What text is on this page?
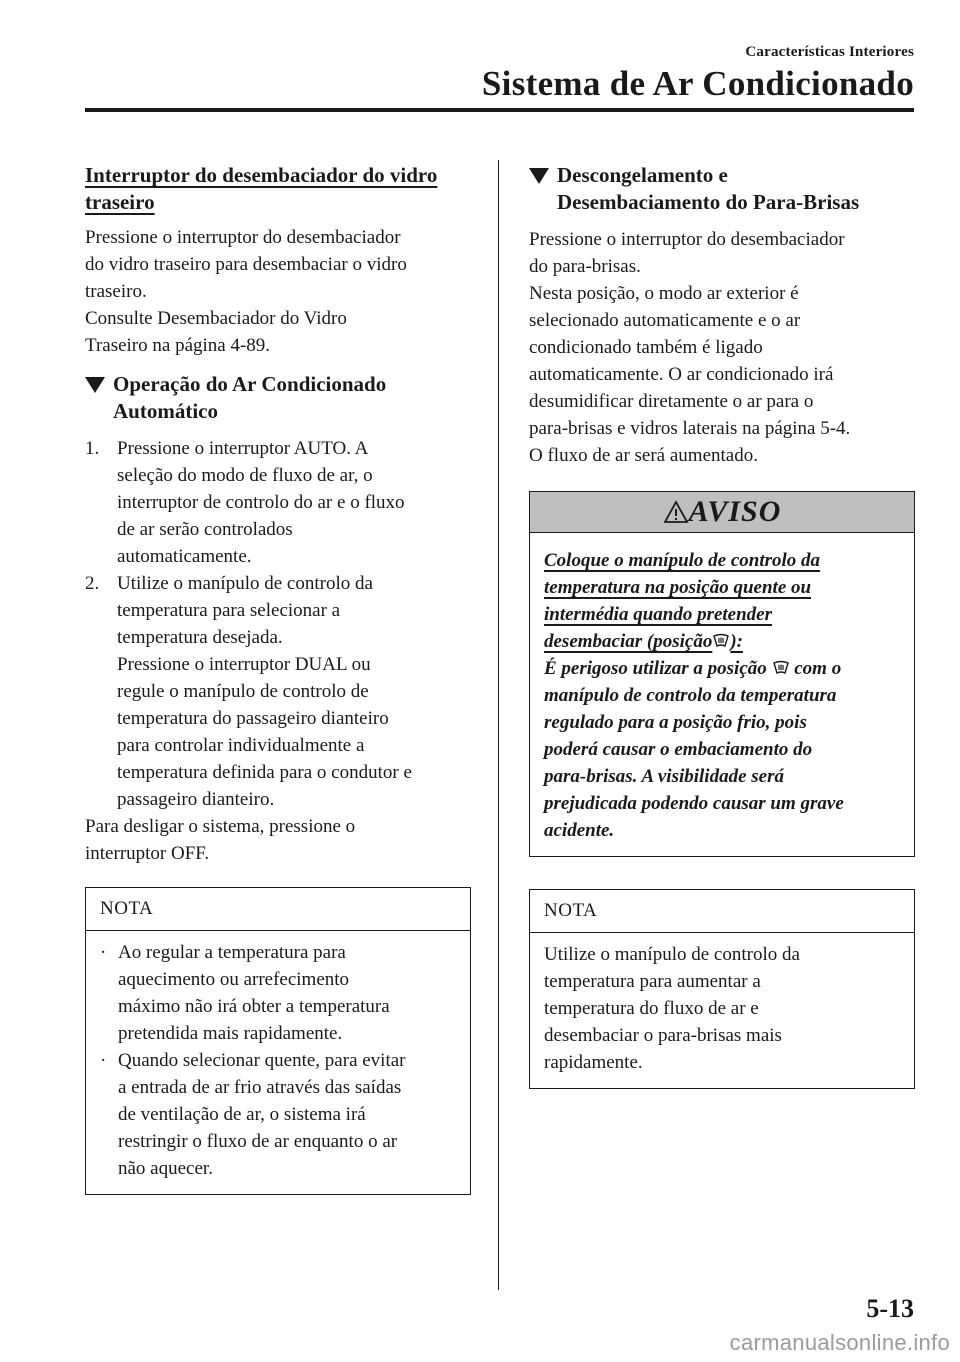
Características Interiores
Sistema de Ar Condicionado
Interruptor do desembaciador do vidro
traseiro

Pressione o interruptor do desembaciador
do vidro traseiro para desembaciar o vidro
traseiro.
Consulte Desembaciador do Vidro
Traseiro na página 4-89.

Operação do Ar Condicionado
Automático
1. Pressione o interruptor AUTO. A
seleção do modo de fluxo de ar, o
interruptor de controlo do ar e o fluxo
de ar serão controlados
automaticamente.
2. Utilize o manípulo de controlo da
temperatura para selecionar a
temperatura desejada.
Pressione o interruptor DUAL ou
regule o manípulo de controlo de
temperatura do passageiro dianteiro
para controlar individualmente a
temperatura definida para o condutor e
passageiro dianteiro.

Para desligar o sistema, pressione o
interruptor OFF.

NOTA
· Ao regular a temperatura para
aquecimento ou arrefecimento
máximo não irá obter a temperatura
pretendida mais rapidamente.
· Quando selecionar quente, para evitar
a entrada de ar frio através das saídas
de ventilação de ar, o sistema irá
restringir o fluxo de ar enquanto o ar
não aquecer.
Descongelamento e
Desembaciamento do Para-Brisas

Pressione o interruptor do desembaciador
do para-brisas.
Nesta posição, o modo ar exterior é
selecionado automaticamente e o ar
condicionado também é ligado
automaticamente. O ar condicionado irá
desumidificar diretamente o ar para o
para-brisas e vidros laterais na página 5-4.
O fluxo de ar será aumentado.

AVISO
Coloque o manípulo de controlo da
temperatura na posição quente ou
intermédia quando pretender
desembaciar (posição ):
É perigoso utilizar a posição com o
manípulo de controlo da temperatura
regulado para a posição frio, pois
poderá causar o embaciamento do
para-brisas. A visibilidade será
prejudicada podendo causar um grave
acidente.
NOTA
Utilize o manípulo de controlo da
temperatura para aumentar a
temperatura do fluxo de ar e
desembaciar o para-brisas mais
rapidamente.
5-13
carmanualsonline.info
